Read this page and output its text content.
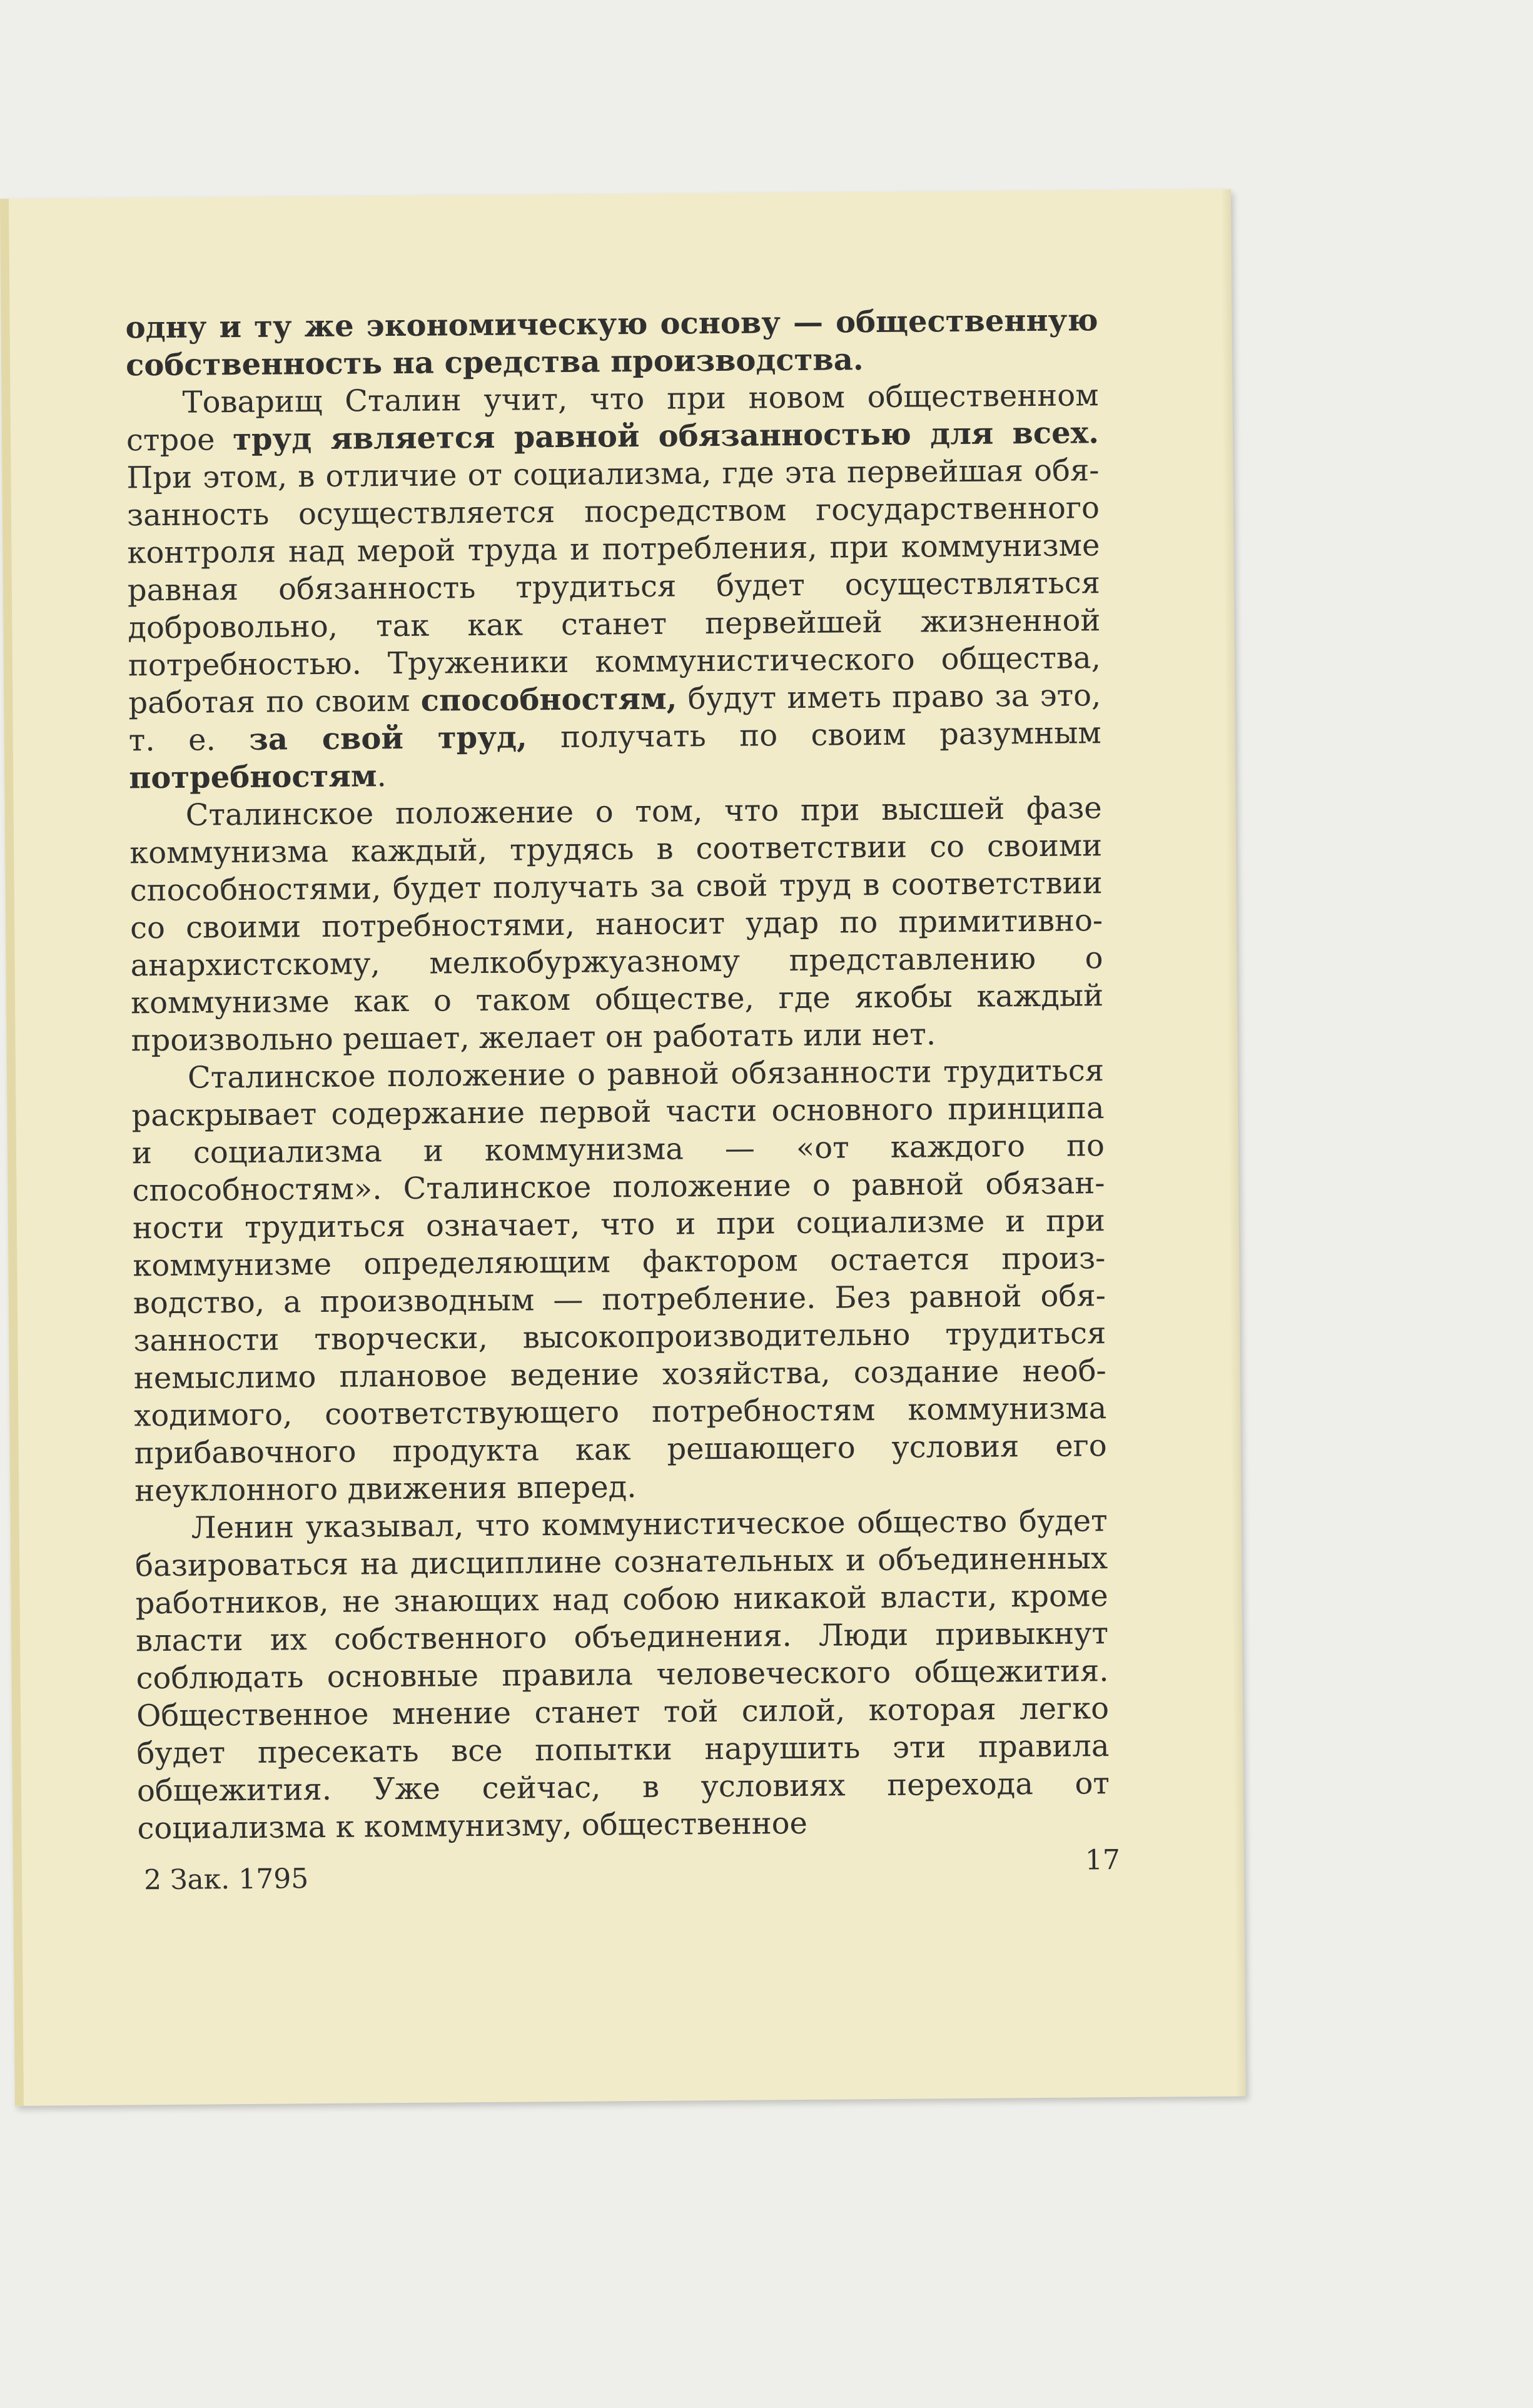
одну и ту же экономическую основу — общественную собственность на средства производства.

Товарищ Сталин учит, что при новом общественном строе труд является равной обязанностью для всех. При этом, в отличие от социализма, где эта первейшая обязанность осуществляется посредством государственного контроля над мерой труда и потребления, при коммунизме равная обязанность трудиться будет осуществляться добровольно, так как станет первейшей жизненной потребностью. Труженики коммунистического общества, работая по своим способностям, будут иметь право за это, т. е. за свой труд, получать по своим разумным потребностям.

Сталинское положение о том, что при высшей фазе коммунизма каждый, трудясь в соответствии со своими способностями, будет получать за свой труд в соответствии со своими потребностями, наносит удар по примитивно-анархистскому, мелкобуржуазному представлению о коммунизме как о таком обществе, где якобы каждый произвольно решает, желает он работать или нет.

Сталинское положение о равной обязанности трудиться раскрывает содержание первой части основного принципа и социализма и коммунизма — «от каждого по способностям». Сталинское положение о равной обязанности трудиться означает, что и при социализме и при коммунизме определяющим фактором остается производство, а производным — потребление. Без равной обязанности творчески, высокопроизводительно трудиться немыслимо плановое ведение хозяйства, создание необходимого, соответствующего потребностям коммунизма прибавочного продукта как решающего условия его неуклонного движения вперед.

Ленин указывал, что коммунистическое общество будет базироваться на дисциплине сознательных и объединенных работников, не знающих над собою никакой власти, кроме власти их собственного объединения. Люди привыкнут соблюдать основные правила человеческого общежития. Общественное мнение станет той силой, которая легко будет пресекать все попытки нарушить эти правила общежития. Уже сейчас, в условиях перехода от социализма к коммунизму, общественное

2 Зак. 1795
17
